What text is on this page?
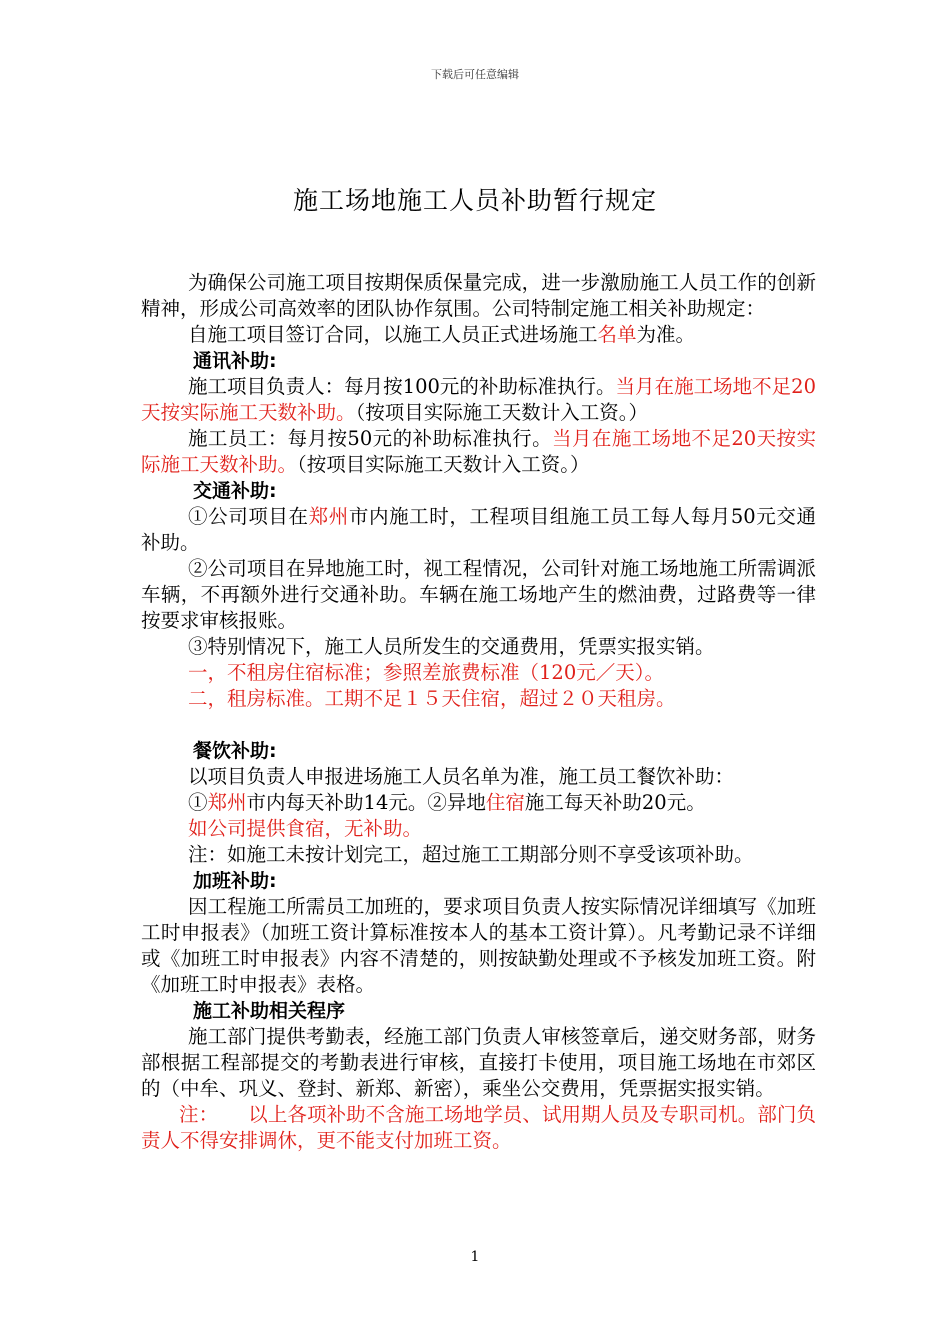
下载后可任意编辑
施工场地施工人员补助暂行规定

为确保公司施工项目按期保质保量完成，进一步激励施工人员工作的创新精神，形成公司高效率的团队协作氛围。公司特制定施工相关补助规定：

自施工项目签订合同，以施工人员正式进场施工名单为准。

通讯补助:

施工项目负责人：每月按100元的补助标准执行。当月在施工场地不足20天按实际施工天数补助。（按项目实际施工天数计入工资。）

施工员工：每月按50元的补助标准执行。当月在施工场地不足20天按实际施工天数补助。（按项目实际施工天数计入工资。）

交通补助:

①公司项目在郑州市内施工时，工程项目组施工员工每人每月50元交通补助。

②公司项目在异地施工时，视工程情况，公司针对施工场地施工所需调派车辆，不再额外进行交通补助。车辆在施工场地产生的燃油费，过路费等一律按要求审核报账。

③特别情况下，施工人员所发生的交通费用，凭票实报实销。

一，不租房住宿标准；参照差旅费标准（120元／天）。

二，租房标准。工期不足１５天住宿，超过２０天租房。

餐饮补助:

以项目负责人申报进场施工人员名单为准，施工员工餐饮补助：

①郑州市内每天补助14元。②异地住宿施工每天补助20元。

如公司提供食宿，无补助。

注：如施工未按计划完工，超过施工工期部分则不享受该项补助。

加班补助:

因工程施工所需员工加班的，要求项目负责人按实际情况详细填写《加班工时申报表》（加班工资计算标准按本人的基本工资计算）。凡考勤记录不详细或《加班工时申报表》内容不清楚的，则按缺勤处理或不予核发加班工资。附《加班工时申报表》表格。

施工补助相关程序

施工部门提供考勤表，经施工部门负责人审核签章后，递交财务部，财务部根据工程部提交的考勤表进行审核，直接打卡使用，项目施工场地在市郊区的（中牟、巩义、登封、新郑、新密），乘坐公交费用，凭票据实报实销。

注： 以上各项补助不含施工场地学员、试用期人员及专职司机。部门负责人不得安排调休，更不能支付加班工资。

1
